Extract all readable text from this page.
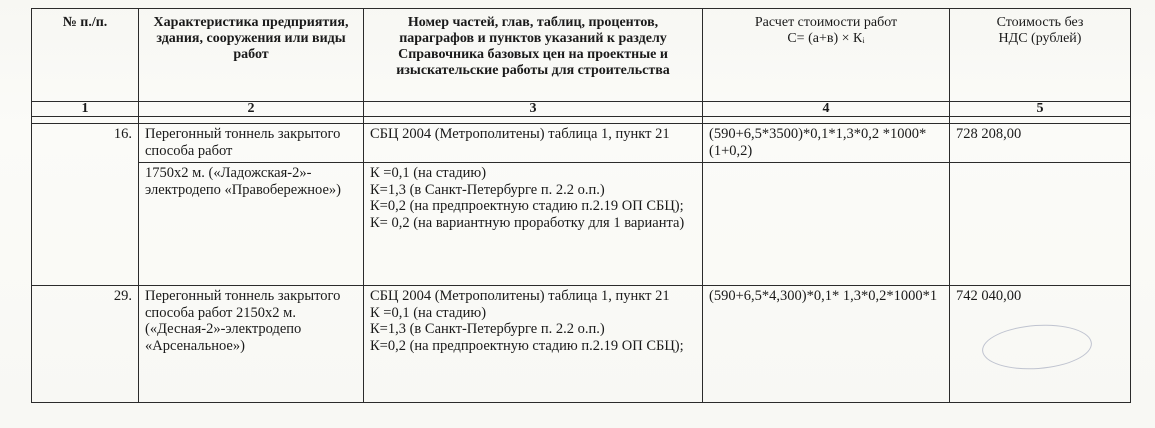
№ п./п.	Характеристика предприятия, здания, сооружения или виды работ	Номер частей, глав, таблиц, процентов, параграфов и пунктов указаний к разделу Справочника базовых цен на проектные и изыскательские работы для строительства	Расчет стоимости работ
С= (а+в) × Кᵢ	Стоимость без НДС (рублей)
1	2	3	4	5

16.	Перегонный тоннель закрытого способа работ	СБЦ 2004 (Метрополитены) таблица 1, пункт 21	(590+6,5*3500)*0,1*1,3*0,2 *1000*(1+0,2)	728 208,00
	1750х2 м. («Ладожская-2»-электродепо «Правобережное»)	К =0,1 (на стадию)
К=1,3 (в Санкт-Петербурге п. 2.2 о.п.)
К=0,2 (на предпроектную стадию п.2.19 ОП СБЦ);
К= 0,2 (на вариантную проработку для 1 варианта)		

29.	Перегонный тоннель закрытого способа работ 2150х2 м. («Десная-2»-электродепо «Арсенальное»)	СБЦ 2004 (Метрополитены) таблица 1, пункт 21
К =0,1 (на стадию)
К=1,3 (в Санкт-Петербурге п. 2.2 о.п.)
К=0,2 (на предпроектную стадию п.2.19 ОП СБЦ);	(590+6,5*4,300)*0,1* 1,3*0,2*1000*1	742 040,00
